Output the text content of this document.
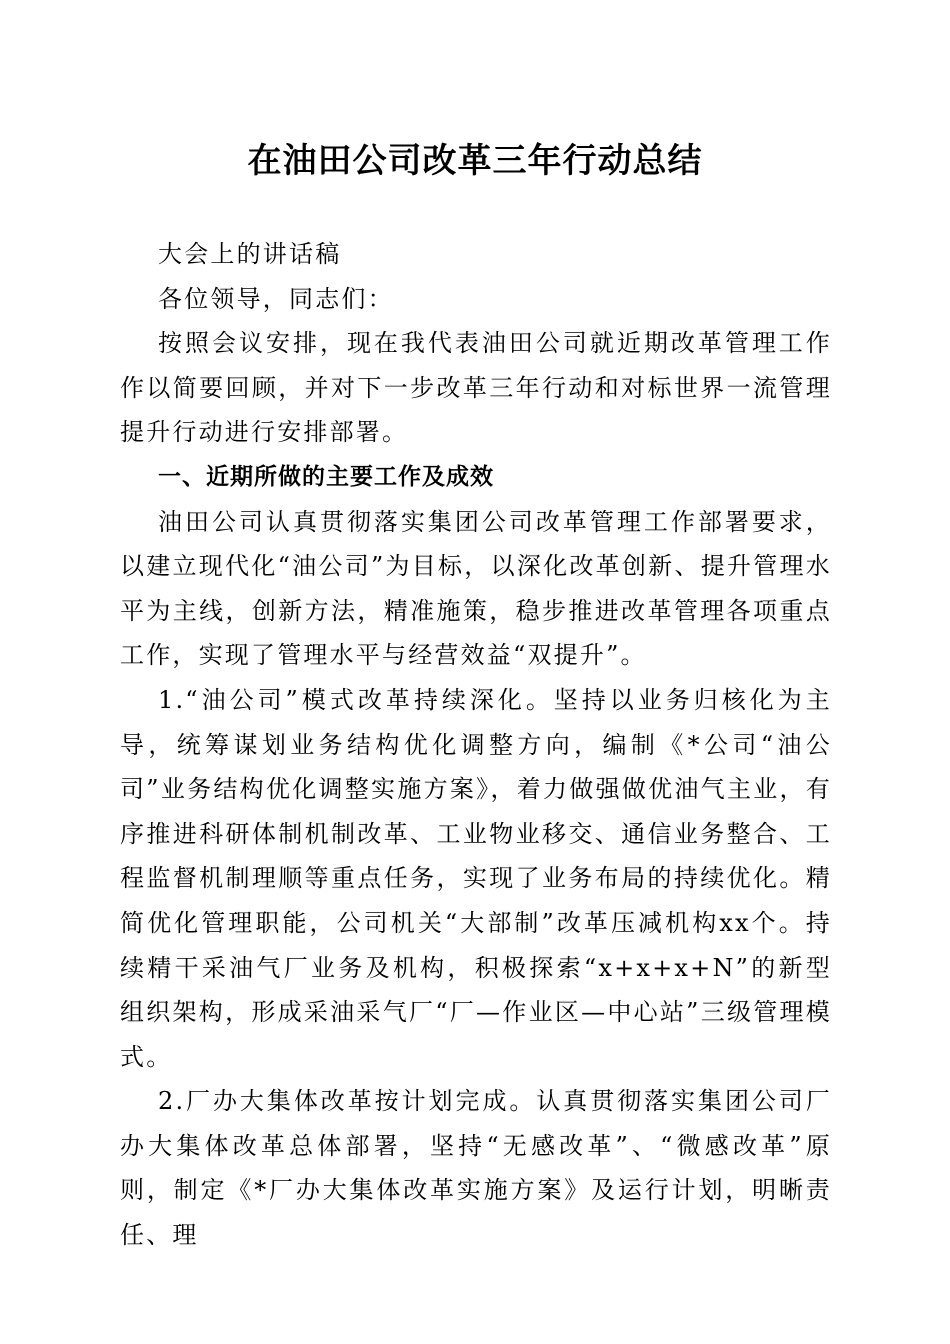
在油田公司改革三年行动总结

大会上的讲话稿

各位领导，同志们：

按照会议安排，现在我代表油田公司就近期改革管理工作作以简要回顾，并对下一步改革三年行动和对标世界一流管理提升行动进行安排部署。

一、近期所做的主要工作及成效

油田公司认真贯彻落实集团公司改革管理工作部署要求，以建立现代化“油公司”为目标，以深化改革创新、提升管理水平为主线，创新方法，精准施策，稳步推进改革管理各项重点工作，实现了管理水平与经营效益“双提升”。

1.“油公司”模式改革持续深化。坚持以业务归核化为主导，统筹谋划业务结构优化调整方向，编制《*公司“油公司”业务结构优化调整实施方案》，着力做强做优油气主业，有序推进科研体制机制改革、工业物业移交、通信业务整合、工程监督机制理顺等重点任务，实现了业务布局的持续优化。精简优化管理职能，公司机关“大部制”改革压减机构xx个。持续精干采油气厂业务及机构，积极探索“x+x+x+N”的新型组织架构，形成采油采气厂“厂—作业区—中心站”三级管理模式。

2.厂办大集体改革按计划完成。认真贯彻落实集团公司厂办大集体改革总体部署，坚持“无感改革”、“微感改革”原则，制定《*厂办大集体改革实施方案》及运行计划，明晰责任、理
